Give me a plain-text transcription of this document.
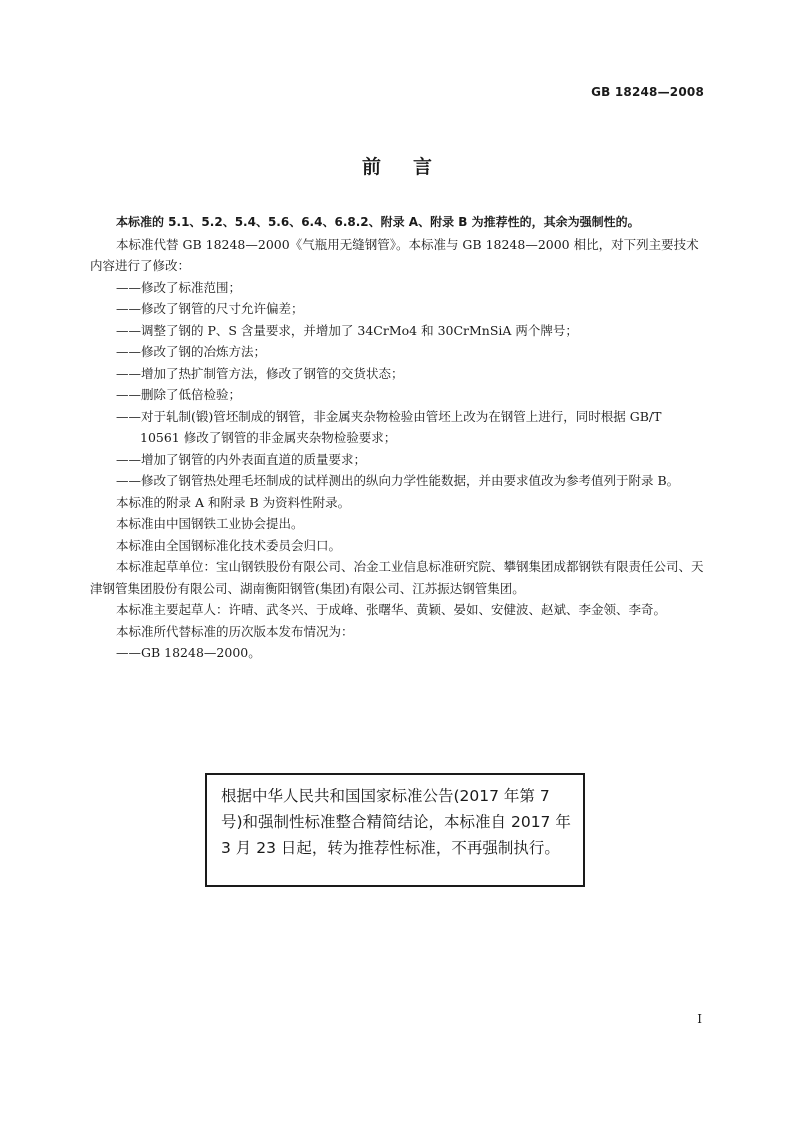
GB 18248—2008
前言

本标准的 5.1、5.2、5.4、5.6、6.4、6.8.2、附录 A、附录 B 为推荐性的，其余为强制性的。

本标准代替 GB 18248—2000《气瓶用无缝钢管》。本标准与 GB 18248—2000 相比，对下列主要技术内容进行了修改：

——修改了标准范围；

——修改了钢管的尺寸允许偏差；

——调整了钢的 P、S 含量要求，并增加了 34CrMo4 和 30CrMnSiA 两个牌号；

——修改了钢的冶炼方法；

——增加了热扩制管方法，修改了钢管的交货状态；

——删除了低倍检验；

——对于轧制(锻)管坯制成的钢管，非金属夹杂物检验由管坯上改为在钢管上进行，同时根据 GB/T 10561 修改了钢管的非金属夹杂物检验要求；

——增加了钢管的内外表面直道的质量要求；

——修改了钢管热处理毛坯制成的试样测出的纵向力学性能数据，并由要求值改为参考值列于附录 B。

本标准的附录 A 和附录 B 为资料性附录。

本标准由中国钢铁工业协会提出。

本标准由全国钢标准化技术委员会归口。

本标准起草单位：宝山钢铁股份有限公司、冶金工业信息标准研究院、攀钢集团成都钢铁有限责任公司、天津钢管集团股份有限公司、湖南衡阳钢管(集团)有限公司、江苏振达钢管集团。

本标准主要起草人：许晴、武冬兴、于成峰、张曙华、黄颖、晏如、安健波、赵斌、李金领、李奇。

本标准所代替标准的历次版本发布情况为：

——GB 18248—2000。

根据中华人民共和国国家标准公告(2017 年第 7 号)和强制性标准整合精简结论，本标准自 2017 年 3 月 23 日起，转为推荐性标准，不再强制执行。
I
